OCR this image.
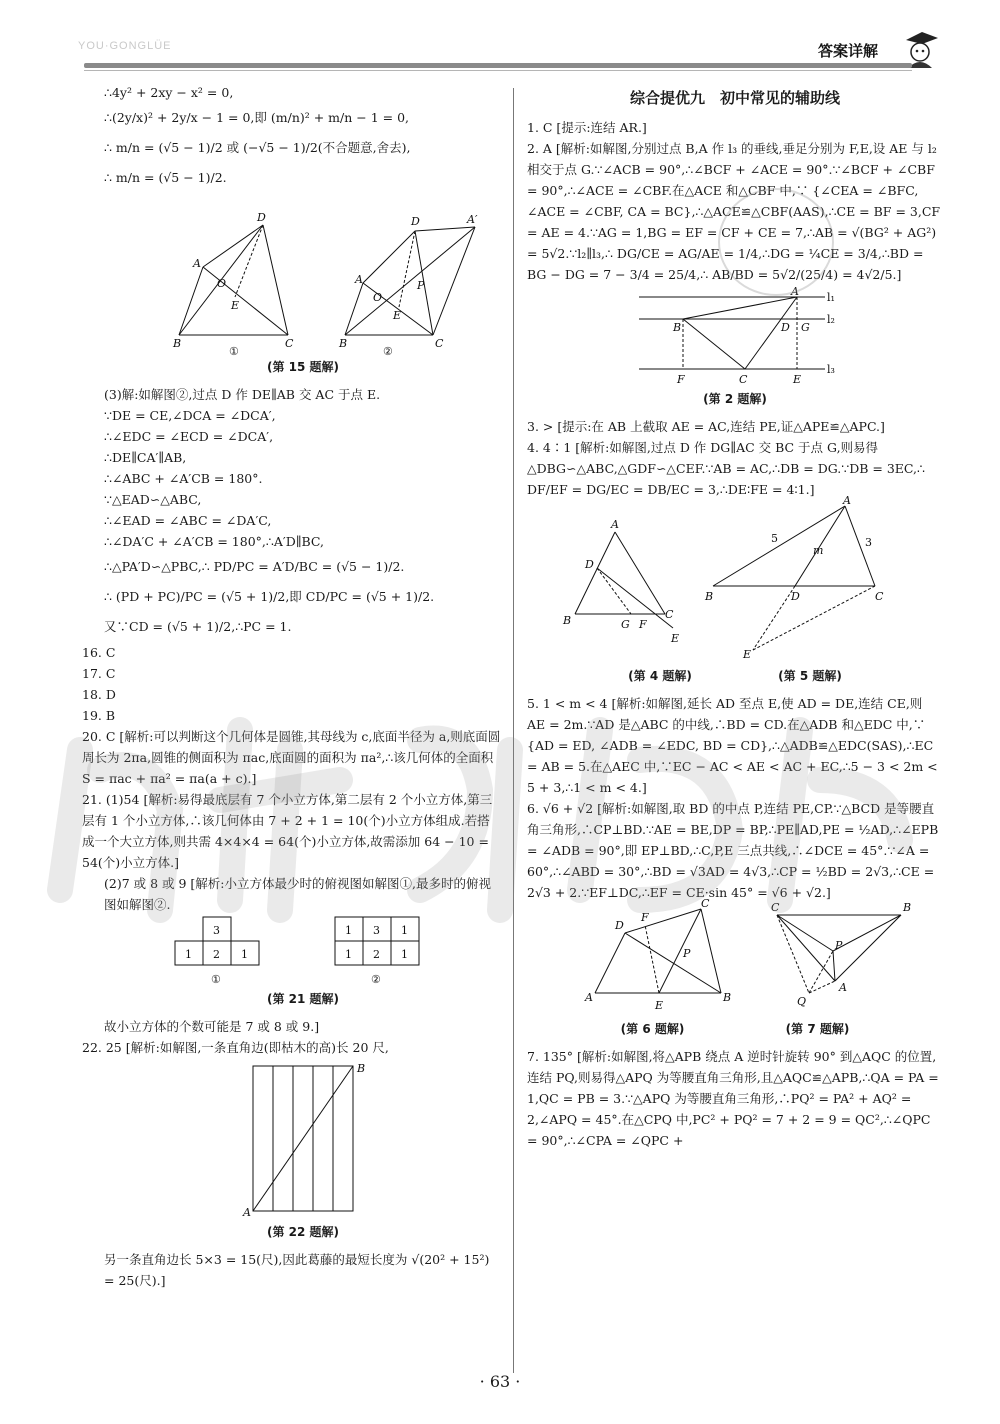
YOU·GONGLÜE	答案详解
∴4y² + 2xy − x² = 0,
∴(2y/x)² + 2y/x − 1 = 0,即 (m/n)² + m/n − 1 = 0,
∴ m/n = (√5 − 1)/2 或 (−√5 − 1)/2(不合题意,舍去),
∴ m/n = (√5 − 1)/2.
D
A
O
E
B	C
D	A′
A	P
E
O
B	C
①	②
(第 15 题解)
(3)解:如解图②,过点 D 作 DE∥AB 交 AC 于点 E.
∵DE = CE,∠DCA = ∠DCA′,
∴∠EDC = ∠ECD = ∠DCA′,
∴DE∥CA′∥AB,
∴∠ABC + ∠A′CB = 180°.
∵△EAD∽△ABC,
∴∠EAD = ∠ABC = ∠DA′C,
∴∠DA′C + ∠A′CB = 180°,∴A′D∥BC,
∴△PA′D∽△PBC,∴ PD/PC = A′D/BC = (√5 − 1)/2.
∴ (PD + PC)/PC = (√5 + 1)/2,即 CD/PC = (√5 + 1)/2.
又∵CD = (√5 + 1)/2,∴PC = 1.
16. C
17. C
18. D
19. B
20. C [解析:可以判断这个几何体是圆锥,其母线为 c,底面半径为 a,则底面圆周长为 2πa,圆锥的侧面积为 πac,底面圆的面积为 πa²,∴该几何体的全面积 S = πac + πa² = πa(a + c).]
21. (1)54 [解析:易得最底层有 7 个小立方体,第二层有 2 个小立方体,第三层有 1 个小立方体,∴该几何体由 7 + 2 + 1 = 10(个)小立方体组成.若搭成一个大立方体,则共需 4×4×4 = 64(个)小立方体,故需添加 64 − 10 = 54(个)小立方体.]
(2)7 或 8 或 9 [解析:小立方体最少时的俯视图如解图①,最多时的俯视图如解图②.
3
1 2 1
①
1 3 1
1 2 1
②
(第 21 题解)
故小立方体的个数可能是 7 或 8 或 9.]
22. 25 [解析:如解图,一条直角边(即枯木的高)长 20 尺,
A
B
(第 22 题解)
另一条直角边长 5×3 = 15(尺),因此葛藤的最短长度为 √(20² + 15²) = 25(尺).]
综合提优九　初中常见的辅助线
1. C [提示:连结 AR.]
2. A [解析:如解图,分别过点 B,A 作 l₃ 的垂线,垂足分别为 F,E,设 AE 与 l₂ 相交于点 G.∵∠ACB = 90°,∴∠BCF + ∠ACE = 90°.∵∠BCF + ∠CBF = 90°,∴∠ACE = ∠CBF.在△ACE 和△CBF 中,∵ {∠CEA = ∠BFC, ∠ACE = ∠CBF, CA = BC},∴△ACE≌△CBF(AAS),∴CE = BF = 3,CF = AE = 4.∵AG = 1,BG = EF = CF + CE = 7,∴AB = √(BG² + AG²) = 5√2.∵l₂∥l₃,∴ DG/CE = AG/AE = 1/4,∴DG = ¼CE = 3/4,∴BD = BG − DG = 7 − 3/4 = 25/4,∴ AB/BD = 5√2/(25/4) = 4√2/5.]
A
B	D G
C
F	E
l₁
l₂
l₃
(第 2 题解)
3. > [提示:在 AB 上截取 AE = AC,连结 PE,证△APE≌△APC.]
4. 4∶1 [解析:如解图,过点 D 作 DG∥AC 交 BC 于点 G,则易得△DBG∽△ABC,△GDF∽△CEF.∵AB = AC,∴DB = DG.∵DB = 3EC,∴ DF/EF = DG/EC = DB/EC = 3,∴DE∶FE = 4∶1.]
A
D
B	G F
C
E
A
B	D	C
E
m
5	3
(第 4 题解)	(第 5 题解)
5. 1 < m < 4 [解析:如解图,延长 AD 至点 E,使 AD = DE,连结 CE,则 AE = 2m.∵AD 是△ABC 的中线,∴BD = CD.在△ADB 和△EDC 中,∵ {AD = ED, ∠ADB = ∠EDC, BD = CD},∴△ADB≌△EDC(SAS),∴EC = AB = 5.在△AEC 中,∵EC − AC < AE < AC + EC,∴5 − 3 < 2m < 5 + 3,∴1 < m < 4.]
6. √6 + √2 [解析:如解图,取 BD 的中点 P,连结 PE,CP.∵△BCD 是等腰直角三角形,∴CP⊥BD.∵AE = BE,DP = BP,∴PE∥AD,PE = ½AD,∴∠EPB = ∠ADB = 90°,即 EP⊥BD,∴C,P,E 三点共线,∴∠DCE = 45°.∵∠A = 60°,∴∠ABD = 30°,∴BD = √3AD = 4√3,∴CP = ½BD = 2√3,∴CE = 2√3 + 2.∵EF⊥DC,∴EF = CE·sin 45° = √6 + √2.]
D
F
C
P
A
E
B
C	B
P
A
Q
(第 6 题解)	(第 7 题解)
7. 135° [解析:如解图,将△APB 绕点 A 逆时针旋转 90° 到△AQC 的位置,连结 PQ,则易得△APQ 为等腰直角三角形,且△AQC≌△APB,∴QA = PA = 1,QC = PB = 3.∵△APQ 为等腰直角三角形,∴PQ² = PA² + AQ² = 2,∠APQ = 45°.在△CPQ 中,PC² + PQ² = 7 + 2 = 9 = QC²,∴∠QPC = 90°,∴∠CPA = ∠QPC +
· 63 ·
